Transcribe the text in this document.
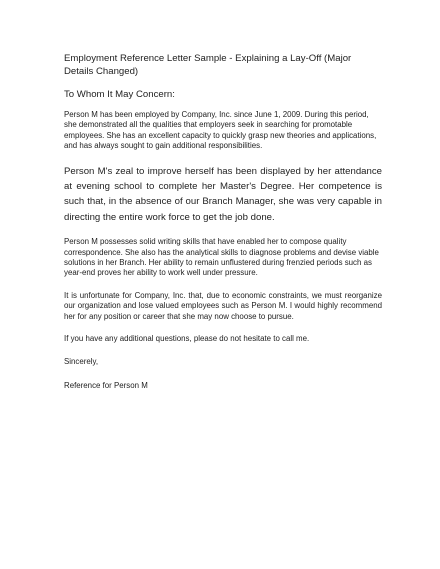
Employment Reference Letter Sample - Explaining a Lay-Off (Major Details Changed)
To Whom It May Concern:

Person M has been employed by Company, Inc. since June 1, 2009. During this period, she demonstrated all the qualities that employers seek in searching for promotable employees. She has an excellent capacity to quickly grasp new theories and applications, and has always sought to gain additional responsibilities.

Person M's zeal to improve herself has been displayed by her attendance at evening school to complete her Master's Degree. Her competence is such that, in the absence of our Branch Manager, she was very capable in directing the entire work force to get the job done.

Person M possesses solid writing skills that have enabled her to compose quality correspondence. She also has the analytical skills to diagnose problems and devise viable solutions in her Branch. Her ability to remain unflustered during frenzied periods such as year-end proves her ability to work well under pressure.

It is unfortunate for Company, Inc. that, due to economic constraints, we must reorganize our organization and lose valued employees such as Person M. I would highly recommend her for any position or career that she may now choose to pursue.

If you have any additional questions, please do not hesitate to call me.

Sincerely,
Reference for Person M
